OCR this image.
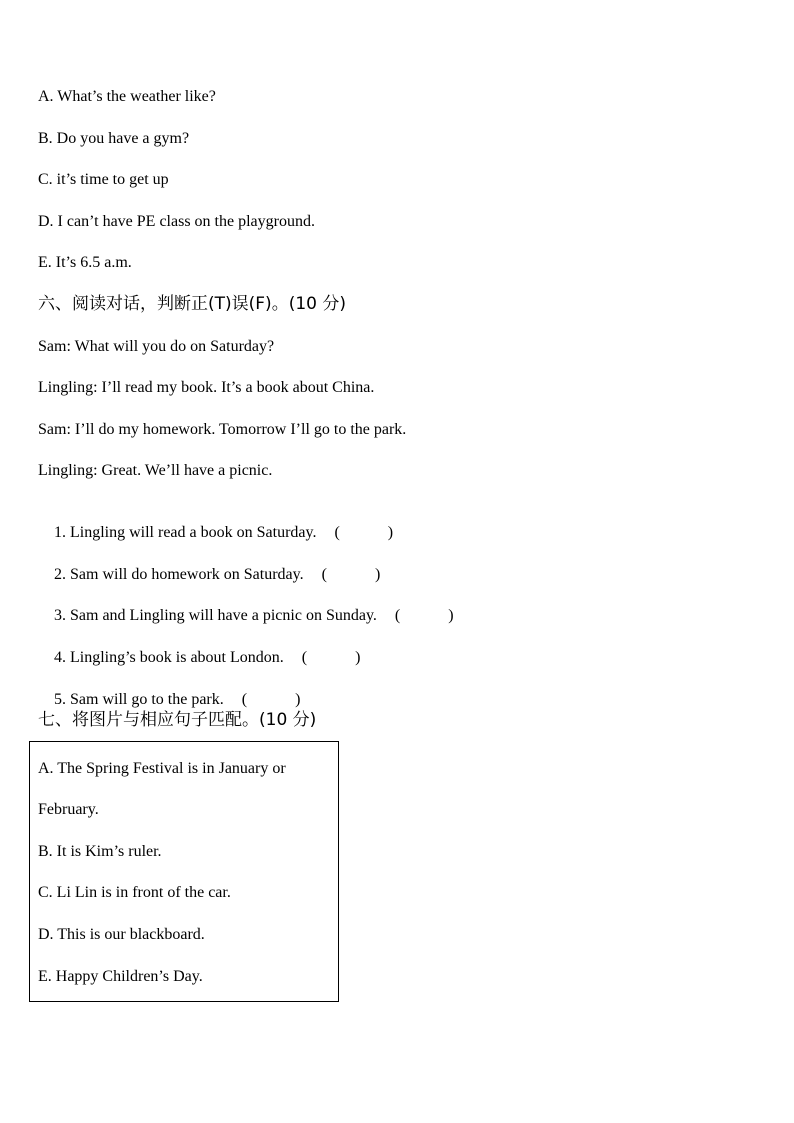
A. What’s the weather like?
B. Do you have a gym?
C. it’s time to get up
D. I can’t have PE class on the playground.
E. It’s 6.5 a.m.
六、阅读对话，判断正(T)误(F)。(10 分)
Sam: What will you do on Saturday?
Lingling: I’ll read my book. It’s a book about China.
Sam: I’ll do my homework. Tomorrow I’ll go to the park.
Lingling: Great. We’ll have a picnic.

1. Lingling will read a book on Saturday. (	)

2. Sam will do homework on Saturday. (	)

3. Sam and Lingling will have a picnic on Sunday. (	)

4. Lingling’s book is about London. (	)

5. Sam will go to the park. (	)

七、将图片与相应句子匹配。(10 分)
A. The Spring Festival is in January or
February.
B. It is Kim’s ruler.
C. Li Lin is in front of the car.
D. This is our blackboard.
E. Happy Children’s Day.
